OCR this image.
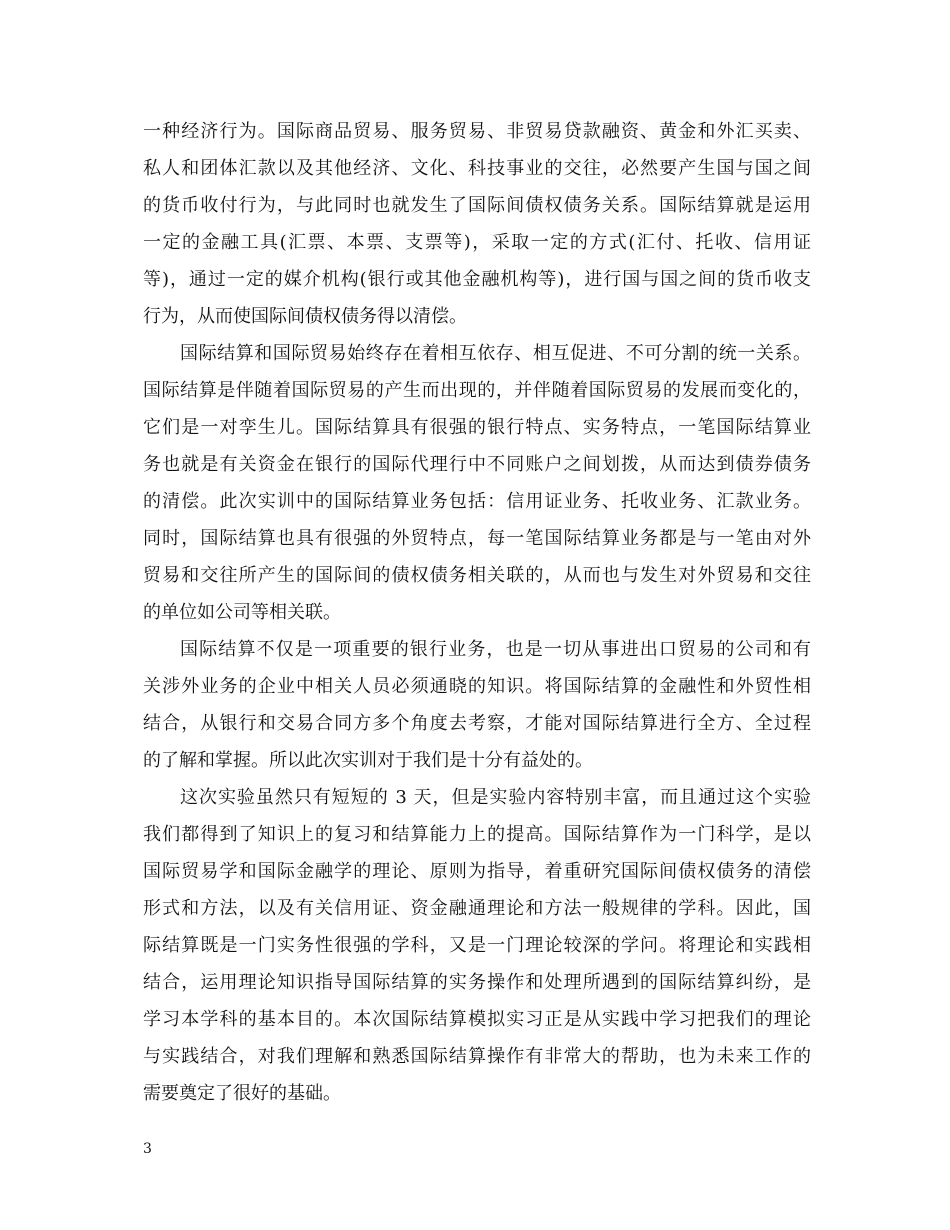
一种经济行为。国际商品贸易、服务贸易、非贸易贷款融资、黄金和外汇买卖、
私人和团体汇款以及其他经济、文化、科技事业的交往，必然要产生国与国之间
的货币收付行为，与此同时也就发生了国际间债权债务关系。国际结算就是运用
一定的金融工具(汇票、本票、支票等)，采取一定的方式(汇付、托收、信用证
等)，通过一定的媒介机构(银行或其他金融机构等)，进行国与国之间的货币收支
行为，从而使国际间债权债务得以清偿。
国际结算和国际贸易始终存在着相互依存、相互促进、不可分割的统一关系。
国际结算是伴随着国际贸易的产生而出现的，并伴随着国际贸易的发展而变化的，
它们是一对孪生儿。国际结算具有很强的银行特点、实务特点，一笔国际结算业
务也就是有关资金在银行的国际代理行中不同账户之间划拨，从而达到债券债务
的清偿。此次实训中的国际结算业务包括：信用证业务、托收业务、汇款业务。
同时，国际结算也具有很强的外贸特点，每一笔国际结算业务都是与一笔由对外
贸易和交往所产生的国际间的债权债务相关联的，从而也与发生对外贸易和交往
的单位如公司等相关联。
国际结算不仅是一项重要的银行业务，也是一切从事进出口贸易的公司和有
关涉外业务的企业中相关人员必须通晓的知识。将国际结算的金融性和外贸性相
结合，从银行和交易合同方多个角度去考察，才能对国际结算进行全方、全过程
的了解和掌握。所以此次实训对于我们是十分有益处的。
这次实验虽然只有短短的 3 天，但是实验内容特别丰富，而且通过这个实验
我们都得到了知识上的复习和结算能力上的提高。国际结算作为一门科学，是以
国际贸易学和国际金融学的理论、原则为指导，着重研究国际间债权债务的清偿
形式和方法，以及有关信用证、资金融通理论和方法一般规律的学科。因此，国
际结算既是一门实务性很强的学科，又是一门理论较深的学问。将理论和实践相
结合，运用理论知识指导国际结算的实务操作和处理所遇到的国际结算纠纷，是
学习本学科的基本目的。本次国际结算模拟实习正是从实践中学习把我们的理论
与实践结合，对我们理解和熟悉国际结算操作有非常大的帮助，也为未来工作的
需要奠定了很好的基础。
3
